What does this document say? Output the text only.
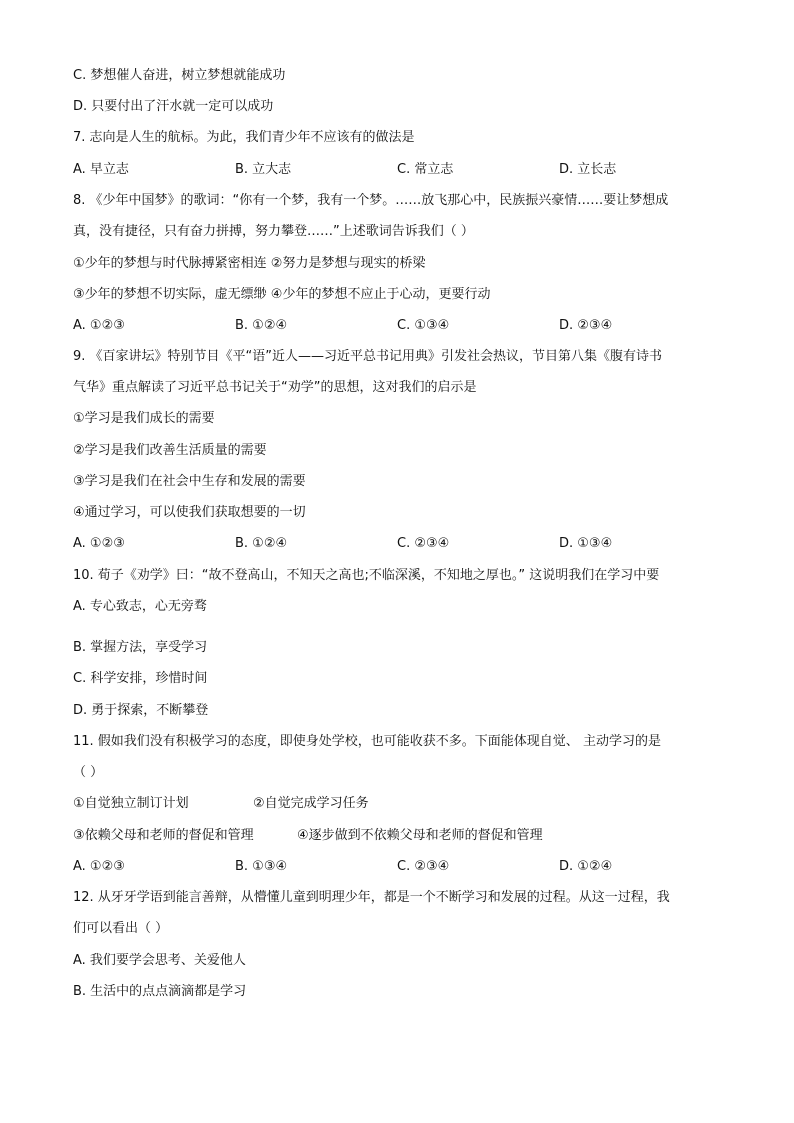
C. 梦想催人奋进，树立梦想就能成功
D. 只要付出了汗水就一定可以成功
7. 志向是人生的航标。为此，我们青少年不应该有的做法是
A. 早立志	B. 立大志	C. 常立志	D. 立长志
8. 《少年中国梦》的歌词：“你有一个梦，我有一个梦。……放飞那心中，民族振兴豪情……要让梦想成
真，没有捷径，只有奋力拼搏，努力攀登……”上述歌词告诉我们（ ）
①少年的梦想与时代脉搏紧密相连 ②努力是梦想与现实的桥梁
③少年的梦想不切实际，虚无缥缈 ④少年的梦想不应止于心动，更要行动
A. ①②③	B. ①②④	C. ①③④	D. ②③④
9. 《百家讲坛》特别节目《平“语”近人——习近平总书记用典》引发社会热议，节目第八集《腹有诗书
气华》重点解读了习近平总书记关于“劝学”的思想，这对我们的启示是
①学习是我们成长的需要
②学习是我们改善生活质量的需要
③学习是我们在社会中生存和发展的需要
④通过学习，可以使我们获取想要的一切
A. ①②③	B. ①②④	C. ②③④	D. ①③④
10. 荀子《劝学》曰：“故不登高山，不知天之高也;不临深溪，不知地之厚也。” 这说明我们在学习中要
A. 专心致志，心无旁骛
B. 掌握方法，享受学习
C. 科学安排，珍惜时间
D. 勇于探索，不断攀登
11. 假如我们没有积极学习的态度，即使身处学校，也可能收获不多。下面能体现自觉、 主动学习的是
（ ）
①自觉独立制订计划	②自觉完成学习任务
③依赖父母和老师的督促和管理	④逐步做到不依赖父母和老师的督促和管理
A. ①②③	B. ①③④	C. ②③④	D. ①②④
12. 从牙牙学语到能言善辩，从懵懂儿童到明理少年，都是一个不断学习和发展的过程。从这一过程，我
们可以看出（ ）
A. 我们要学会思考、关爱他人
B. 生活中的点点滴滴都是学习
